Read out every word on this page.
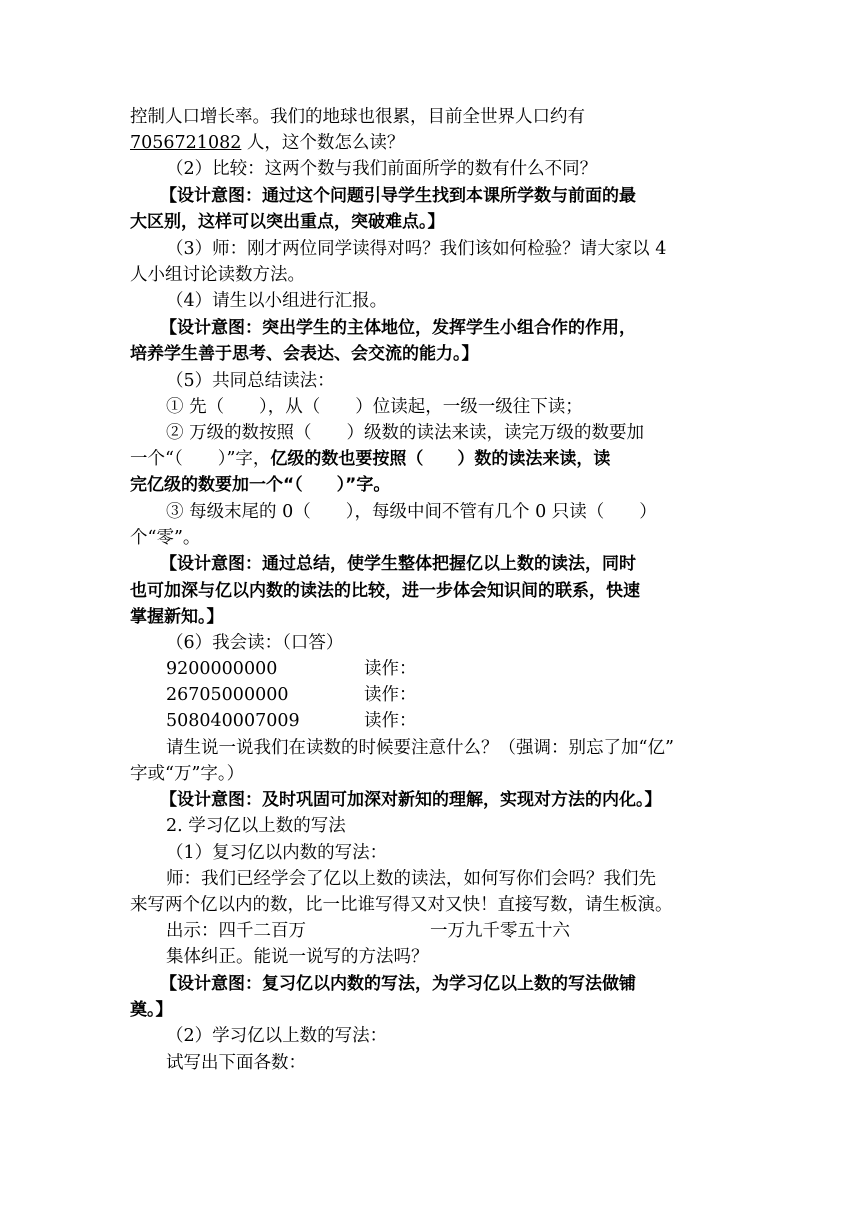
控制人口增长率。我们的地球也很累，目前全世界人口约有
7056721082 人，这个数怎么读？
（2）比较：这两个数与我们前面所学的数有什么不同？
【设计意图：通过这个问题引导学生找到本课所学数与前面的最
大区别，这样可以突出重点，突破难点。】
（3）师：刚才两位同学读得对吗？我们该如何检验？请大家以 4
人小组讨论读数方法。
（4）请生以小组进行汇报。
【设计意图：突出学生的主体地位，发挥学生小组合作的作用，
培养学生善于思考、会表达、会交流的能力。】
（5）共同总结读法：
① 先（　　），从（　　）位读起，一级一级往下读；
② 万级的数按照（　　）级数的读法来读，读完万级的数要加
一个“（　　）”字，亿级的数也要按照（　　）数的读法来读，读
完亿级的数要加一个“（　　）”字。
③ 每级末尾的 0（　　），每级中间不管有几个 0 只读（　　）
个“零”。
【设计意图：通过总结，使学生整体把握亿以上数的读法，同时
也可加深与亿以内数的读法的比较，进一步体会知识间的联系，快速
掌握新知。】
（6）我会读：（口答）
9200000000	读作：
26705000000	读作：
508040007009	读作：
请生说一说我们在读数的时候要注意什么？（强调：别忘了加“亿”
字或“万”字。）
【设计意图：及时巩固可加深对新知的理解，实现对方法的内化。】
2. 学习亿以上数的写法
（1）复习亿以内数的写法：
师：我们已经学会了亿以上数的读法，如何写你们会吗？我们先
来写两个亿以内的数，比一比谁写得又对又快！直接写数，请生板演。
出示：四千二百万	一万九千零五十六
集体纠正。能说一说写的方法吗？
【设计意图：复习亿以内数的写法，为学习亿以上数的写法做铺
奠。】
（2）学习亿以上数的写法：
试写出下面各数：
